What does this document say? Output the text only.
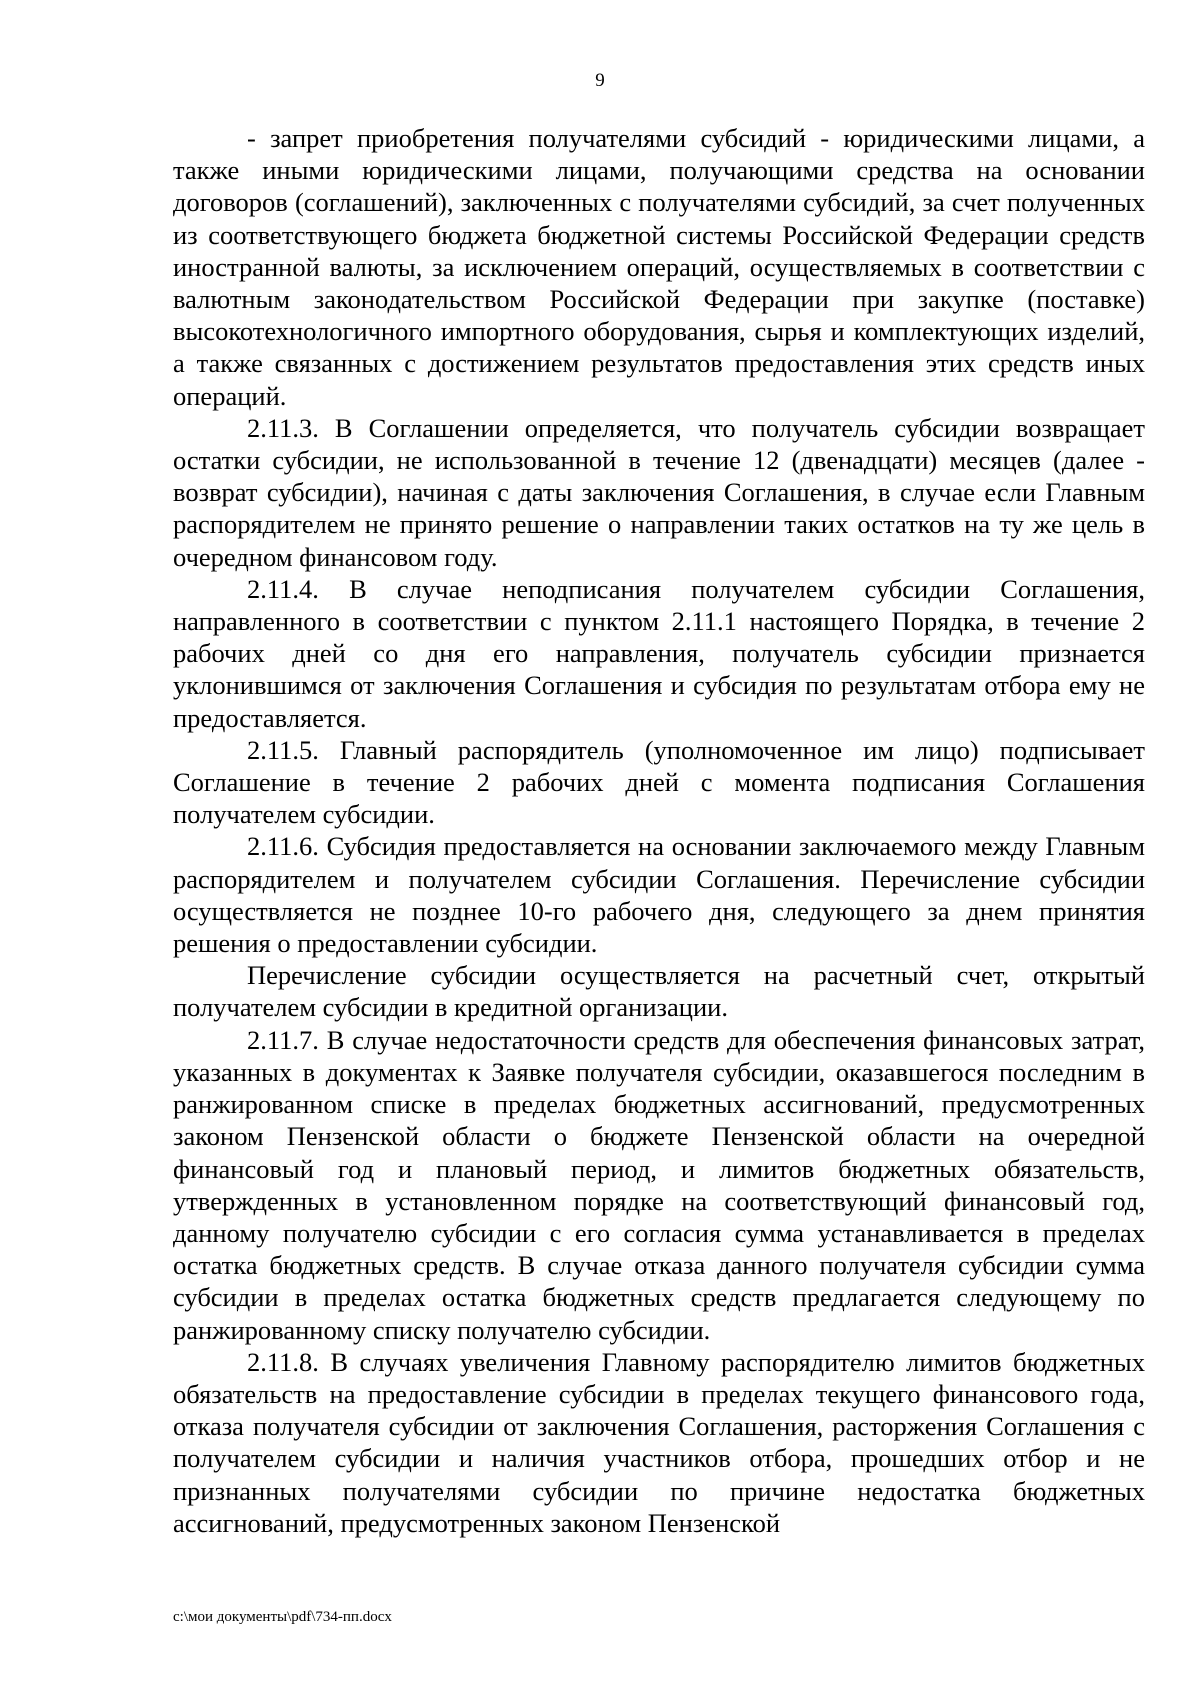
9

- запрет приобретения получателями субсидий - юридическими лицами, а также иными юридическими лицами, получающими средства на основании договоров (соглашений), заключенных с получателями субсидий, за счет полученных из соответствующего бюджета бюджетной системы Российской Федерации средств иностранной валюты, за исключением операций, осуществляемых в соответствии с валютным законодательством Российской Федерации при закупке (поставке) высокотехнологичного импортного оборудования, сырья и комплектующих изделий, а также связанных с достижением результатов предоставления этих средств иных операций.

2.11.3. В Соглашении определяется, что получатель субсидии возвращает остатки субсидии, не использованной в течение 12 (двенадцати) месяцев (далее - возврат субсидии), начиная с даты заключения Соглашения, в случае если Главным распорядителем не принято решение о направлении таких остатков на ту же цель в очередном финансовом году.

2.11.4. В случае неподписания получателем субсидии Соглашения, направленного в соответствии с пунктом 2.11.1 настоящего Порядка, в течение 2 рабочих дней со дня его направления, получатель субсидии признается уклонившимся от заключения Соглашения и субсидия по результатам отбора ему не предоставляется.

2.11.5. Главный распорядитель (уполномоченное им лицо) подписывает Соглашение в течение 2 рабочих дней с момента подписания Соглашения получателем субсидии.

2.11.6. Субсидия предоставляется на основании заключаемого между Главным распорядителем и получателем субсидии Соглашения. Перечисление субсидии осуществляется не позднее 10-го рабочего дня, следующего за днем принятия решения о предоставлении субсидии.

Перечисление субсидии осуществляется на расчетный счет, открытый получателем субсидии в кредитной организации.

2.11.7. В случае недостаточности средств для обеспечения финансовых затрат, указанных в документах к Заявке получателя субсидии, оказавшегося последним в ранжированном списке в пределах бюджетных ассигнований, предусмотренных законом Пензенской области о бюджете Пензенской области на очередной финансовый год и плановый период, и лимитов бюджетных обязательств, утвержденных в установленном порядке на соответствующий финансовый год, данному получателю субсидии с его согласия сумма устанавливается в пределах остатка бюджетных средств. В случае отказа данного получателя субсидии сумма субсидии в пределах остатка бюджетных средств предлагается следующему по ранжированному списку получателю субсидии.

2.11.8. В случаях увеличения Главному распорядителю лимитов бюджетных обязательств на предоставление субсидии в пределах текущего финансового года, отказа получателя субсидии от заключения Соглашения, расторжения Соглашения с получателем субсидии и наличия участников отбора, прошедших отбор и не признанных получателями субсидии по причине недостатка бюджетных ассигнований, предусмотренных законом Пензенской

c:\мои документы\pdf\734-пп.docx
